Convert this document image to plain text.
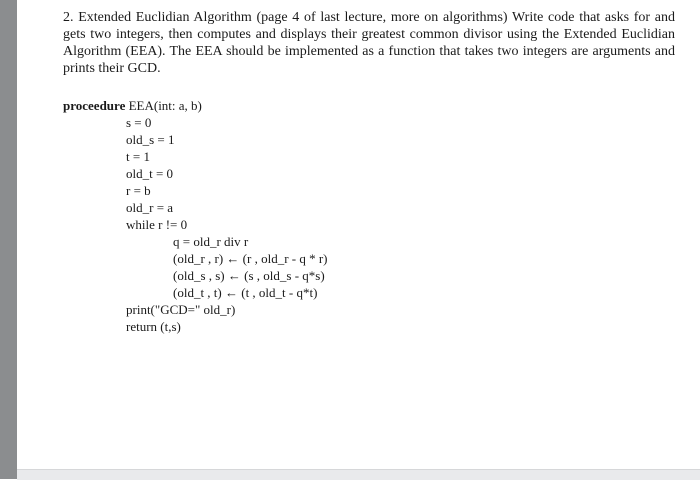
2. Extended Euclidian Algorithm (page 4 of last lecture, more on algorithms) Write code that asks for and gets two integers, then computes and displays their greatest common divisor using the Extended Euclidian Algorithm (EEA). The EEA should be implemented as a function that takes two integers are arguments and prints their GCD.
proceedure EEA(int: a, b)
s = 0
old_s = 1
t = 1
old_t = 0
r = b
old_r = a
while r != 0
q = old_r div r
(old_r , r) ← (r , old_r - q * r)
(old_s , s) ← (s , old_s - q*s)
(old_t , t) ← (t , old_t - q*t)
print("GCD=" old_r)
return (t,s)
